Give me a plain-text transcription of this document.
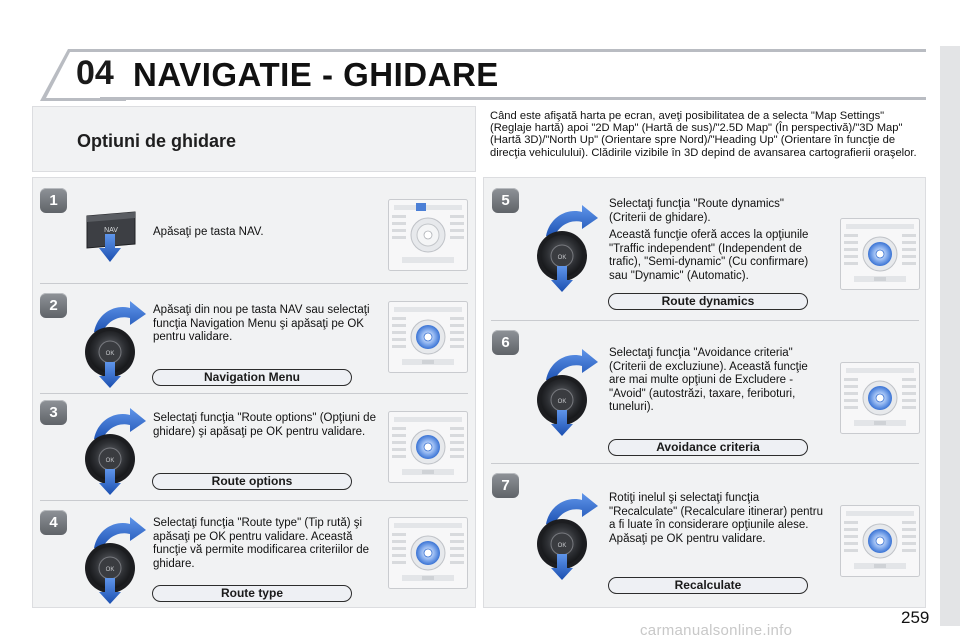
04 NAVIGATIE - GHIDARE
Optiuni de ghidare
Când este afişată harta pe ecran, aveţi posibilitatea de a selecta "Map Settings" (Reglaje hartă) apoi "2D Map" (Hartă de sus)/"2.5D Map" (În perspectivă)/"3D Map" (Hartă 3D)/"North Up" (Orientare spre Nord)/"Heading Up" (Orientare în funcţie de direcţia vehiculului). Clădirile vizibile în 3D depind de avansarea cartografierii oraşelor.
1
NAV	Apăsaţi pe tasta NAV.

2	Apăsaţi din nou pe tasta NAV sau selectaţi funcţia Navigation Menu şi apăsaţi pe OK pentru validare.

Navigation Menu
3	Selectaţi funcţia "Route options" (Opţiuni de ghidare) şi apăsaţi pe OK pentru validare.

Route options
4	Selectaţi funcţia "Route type" (Tip rută) şi apăsaţi pe OK pentru validare. Această funcţie vă permite modificarea criteriilor de ghidare.

Route type
5	Selectaţi funcţia "Route dynamics" (Criterii de ghidare).

Această funcţie oferă acces la opţiunile "Traffic independent" (Independent de trafic), "Semi-dynamic" (Cu confirmare) sau "Dynamic" (Automatic).

Route dynamics
6

Selectaţi funcţia "Avoidance criteria" (Criterii de excluziune). Această funcţie are mai multe opţiuni de Excludere - "Avoid" (autostrăzi, taxare, feriboturi, tuneluri).

Avoidance criteria
7

Rotiţi inelul şi selectaţi funcţia "Recalculate" (Recalculare itinerar) pentru a fi luate în considerare opţiunile alese. Apăsaţi pe OK pentru validare.

Recalculate
carmanualsonline.info
259
